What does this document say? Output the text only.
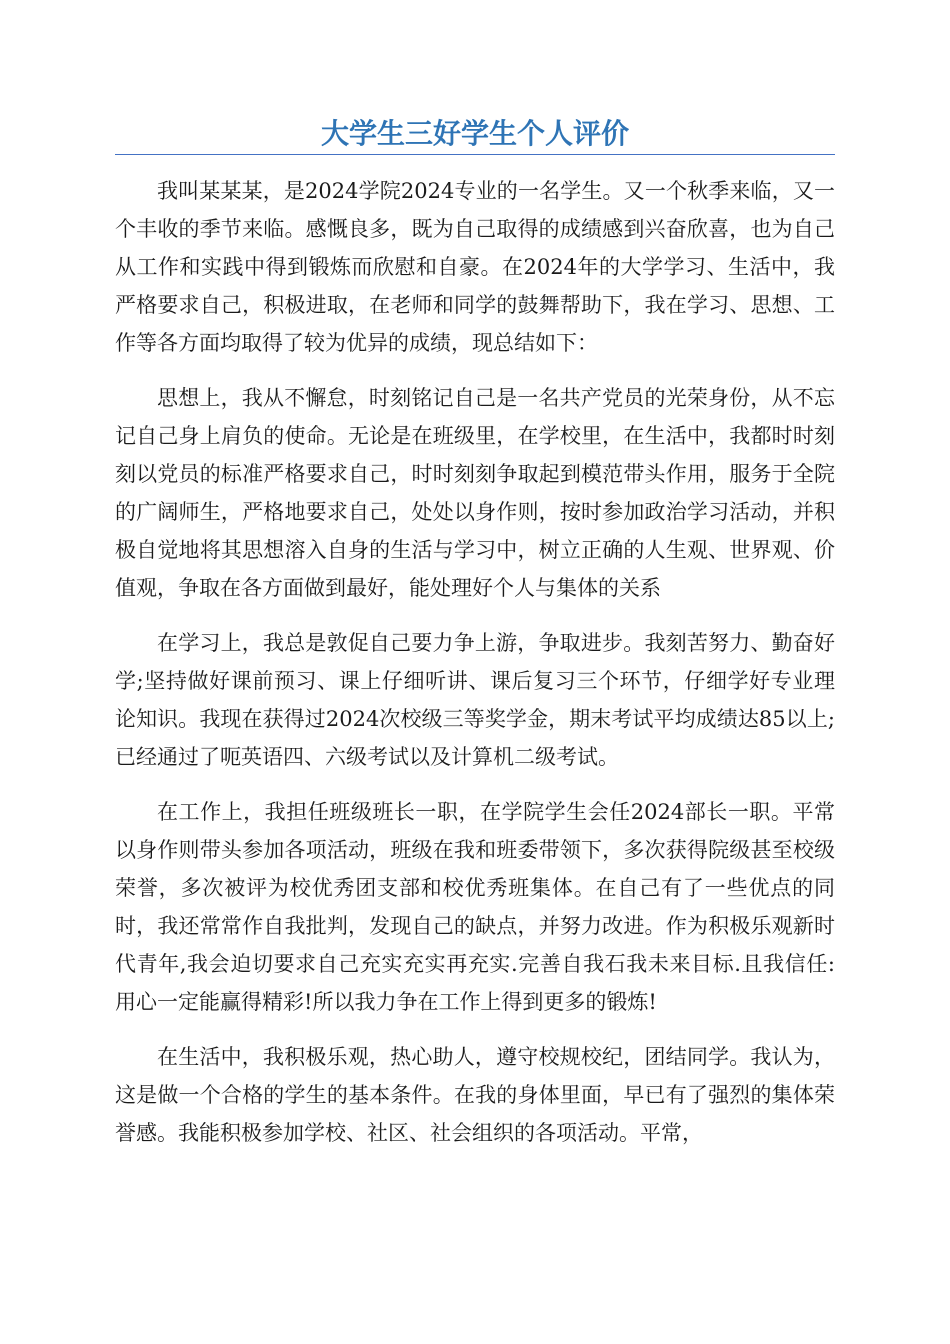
大学生三好学生个人评价

我叫某某某，是2024学院2024专业的一名学生。又一个秋季来临，又一个丰收的季节来临。感慨良多，既为自己取得的成绩感到兴奋欣喜，也为自己从工作和实践中得到锻炼而欣慰和自豪。在2024年的大学学习、生活中，我严格要求自己，积极进取，在老师和同学的鼓舞帮助下，我在学习、思想、工作等各方面均取得了较为优异的成绩，现总结如下：

思想上，我从不懈怠，时刻铭记自己是一名共产党员的光荣身份，从不忘记自己身上肩负的使命。无论是在班级里，在学校里，在生活中，我都时时刻刻以党员的标准严格要求自己，时时刻刻争取起到模范带头作用，服务于全院的广阔师生，严格地要求自己，处处以身作则，按时参加政治学习活动，并积极自觉地将其思想溶入自身的生活与学习中，树立正确的人生观、世界观、价值观，争取在各方面做到最好，能处理好个人与集体的关系

在学习上，我总是敦促自己要力争上游，争取进步。我刻苦努力、勤奋好学;坚持做好课前预习、课上仔细听讲、课后复习三个环节，仔细学好专业理论知识。我现在获得过2024次校级三等奖学金，期末考试平均成绩达85以上;已经通过了呃英语四、六级考试以及计算机二级考试。

在工作上，我担任班级班长一职，在学院学生会任2024部长一职。平常以身作则带头参加各项活动，班级在我和班委带领下，多次获得院级甚至校级荣誉，多次被评为校优秀团支部和校优秀班集体。在自己有了一些优点的同时，我还常常作自我批判，发现自己的缺点，并努力改进。作为积极乐观新时代青年,我会迫切要求自己充实充实再充实.完善自我石我未来目标.且我信任:用心一定能赢得精彩!所以我力争在工作上得到更多的锻炼!

在生活中，我积极乐观，热心助人，遵守校规校纪，团结同学。我认为，这是做一个合格的学生的基本条件。在我的身体里面，早已有了强烈的集体荣誉感。我能积极参加学校、社区、社会组织的各项活动。平常，
